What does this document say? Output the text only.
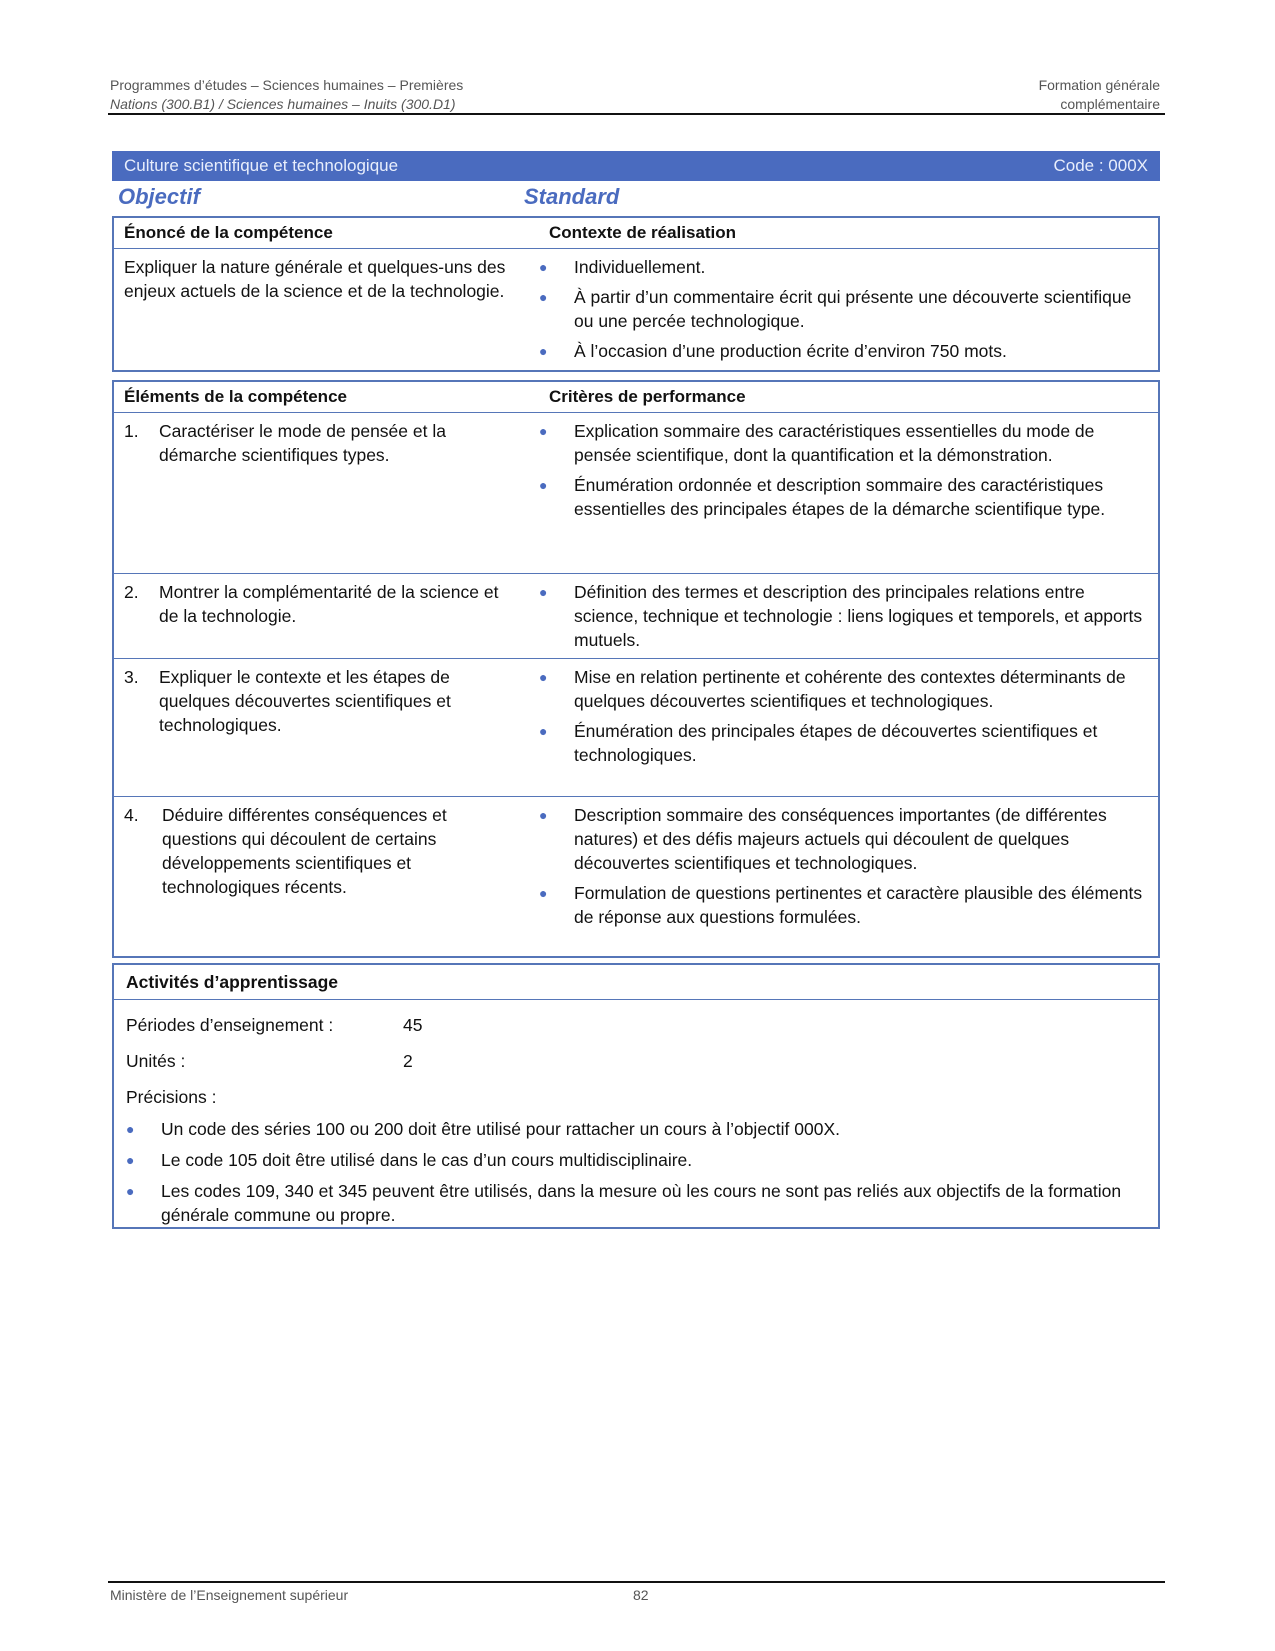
Programmes d’études – Sciences humaines – Premières	Formation générale
Nations (300.B1) / Sciences humaines – Inuits (300.D1)	complémentaire
Culture scientifique et technologique	Code : 000X
Objectif	Standard
Énoncé de la compétence	Contexte de réalisation
Expliquer la nature générale et quelques-uns des enjeux actuels de la science et de la technologie.
●	Individuellement.
●	À partir d’un commentaire écrit qui présente une découverte scientifique ou une percée technologique.
●	À l’occasion d’une production écrite d’environ 750 mots.
Éléments de la compétence	Critères de performance
1.	Caractériser le mode de pensée et la démarche scientifiques types.
●	Explication sommaire des caractéristiques essentielles du mode de pensée scientifique, dont la quantification et la démonstration.
●	Énumération ordonnée et description sommaire des caractéristiques essentielles des principales étapes de la démarche scientifique type.
2.	Montrer la complémentarité de la science et de la technologie.
●	Définition des termes et description des principales relations entre science, technique et technologie : liens logiques et temporels, et apports mutuels.
3.	Expliquer le contexte et les étapes de quelques découvertes scientifiques et technologiques.
●	Mise en relation pertinente et cohérente des contextes déterminants de quelques découvertes scientifiques et technologiques.
●	Énumération des principales étapes de découvertes scientifiques et technologiques.
4.	Déduire différentes conséquences et questions qui découlent de certains développements scientifiques et technologiques récents.
●	Description sommaire des conséquences importantes (de différentes natures) et des défis majeurs actuels qui découlent de quelques découvertes scientifiques et technologiques.
●	Formulation de questions pertinentes et caractère plausible des éléments de réponse aux questions formulées.
Activités d’apprentissage
Périodes d’enseignement :	45
Unités :	2
Précisions :
●	Un code des séries 100 ou 200 doit être utilisé pour rattacher un cours à l’objectif 000X.
●	Le code 105 doit être utilisé dans le cas d’un cours multidisciplinaire.
●	Les codes 109, 340 et 345 peuvent être utilisés, dans la mesure où les cours ne sont pas reliés aux objectifs de la formation générale commune ou propre.
Ministère de l’Enseignement supérieur	82
